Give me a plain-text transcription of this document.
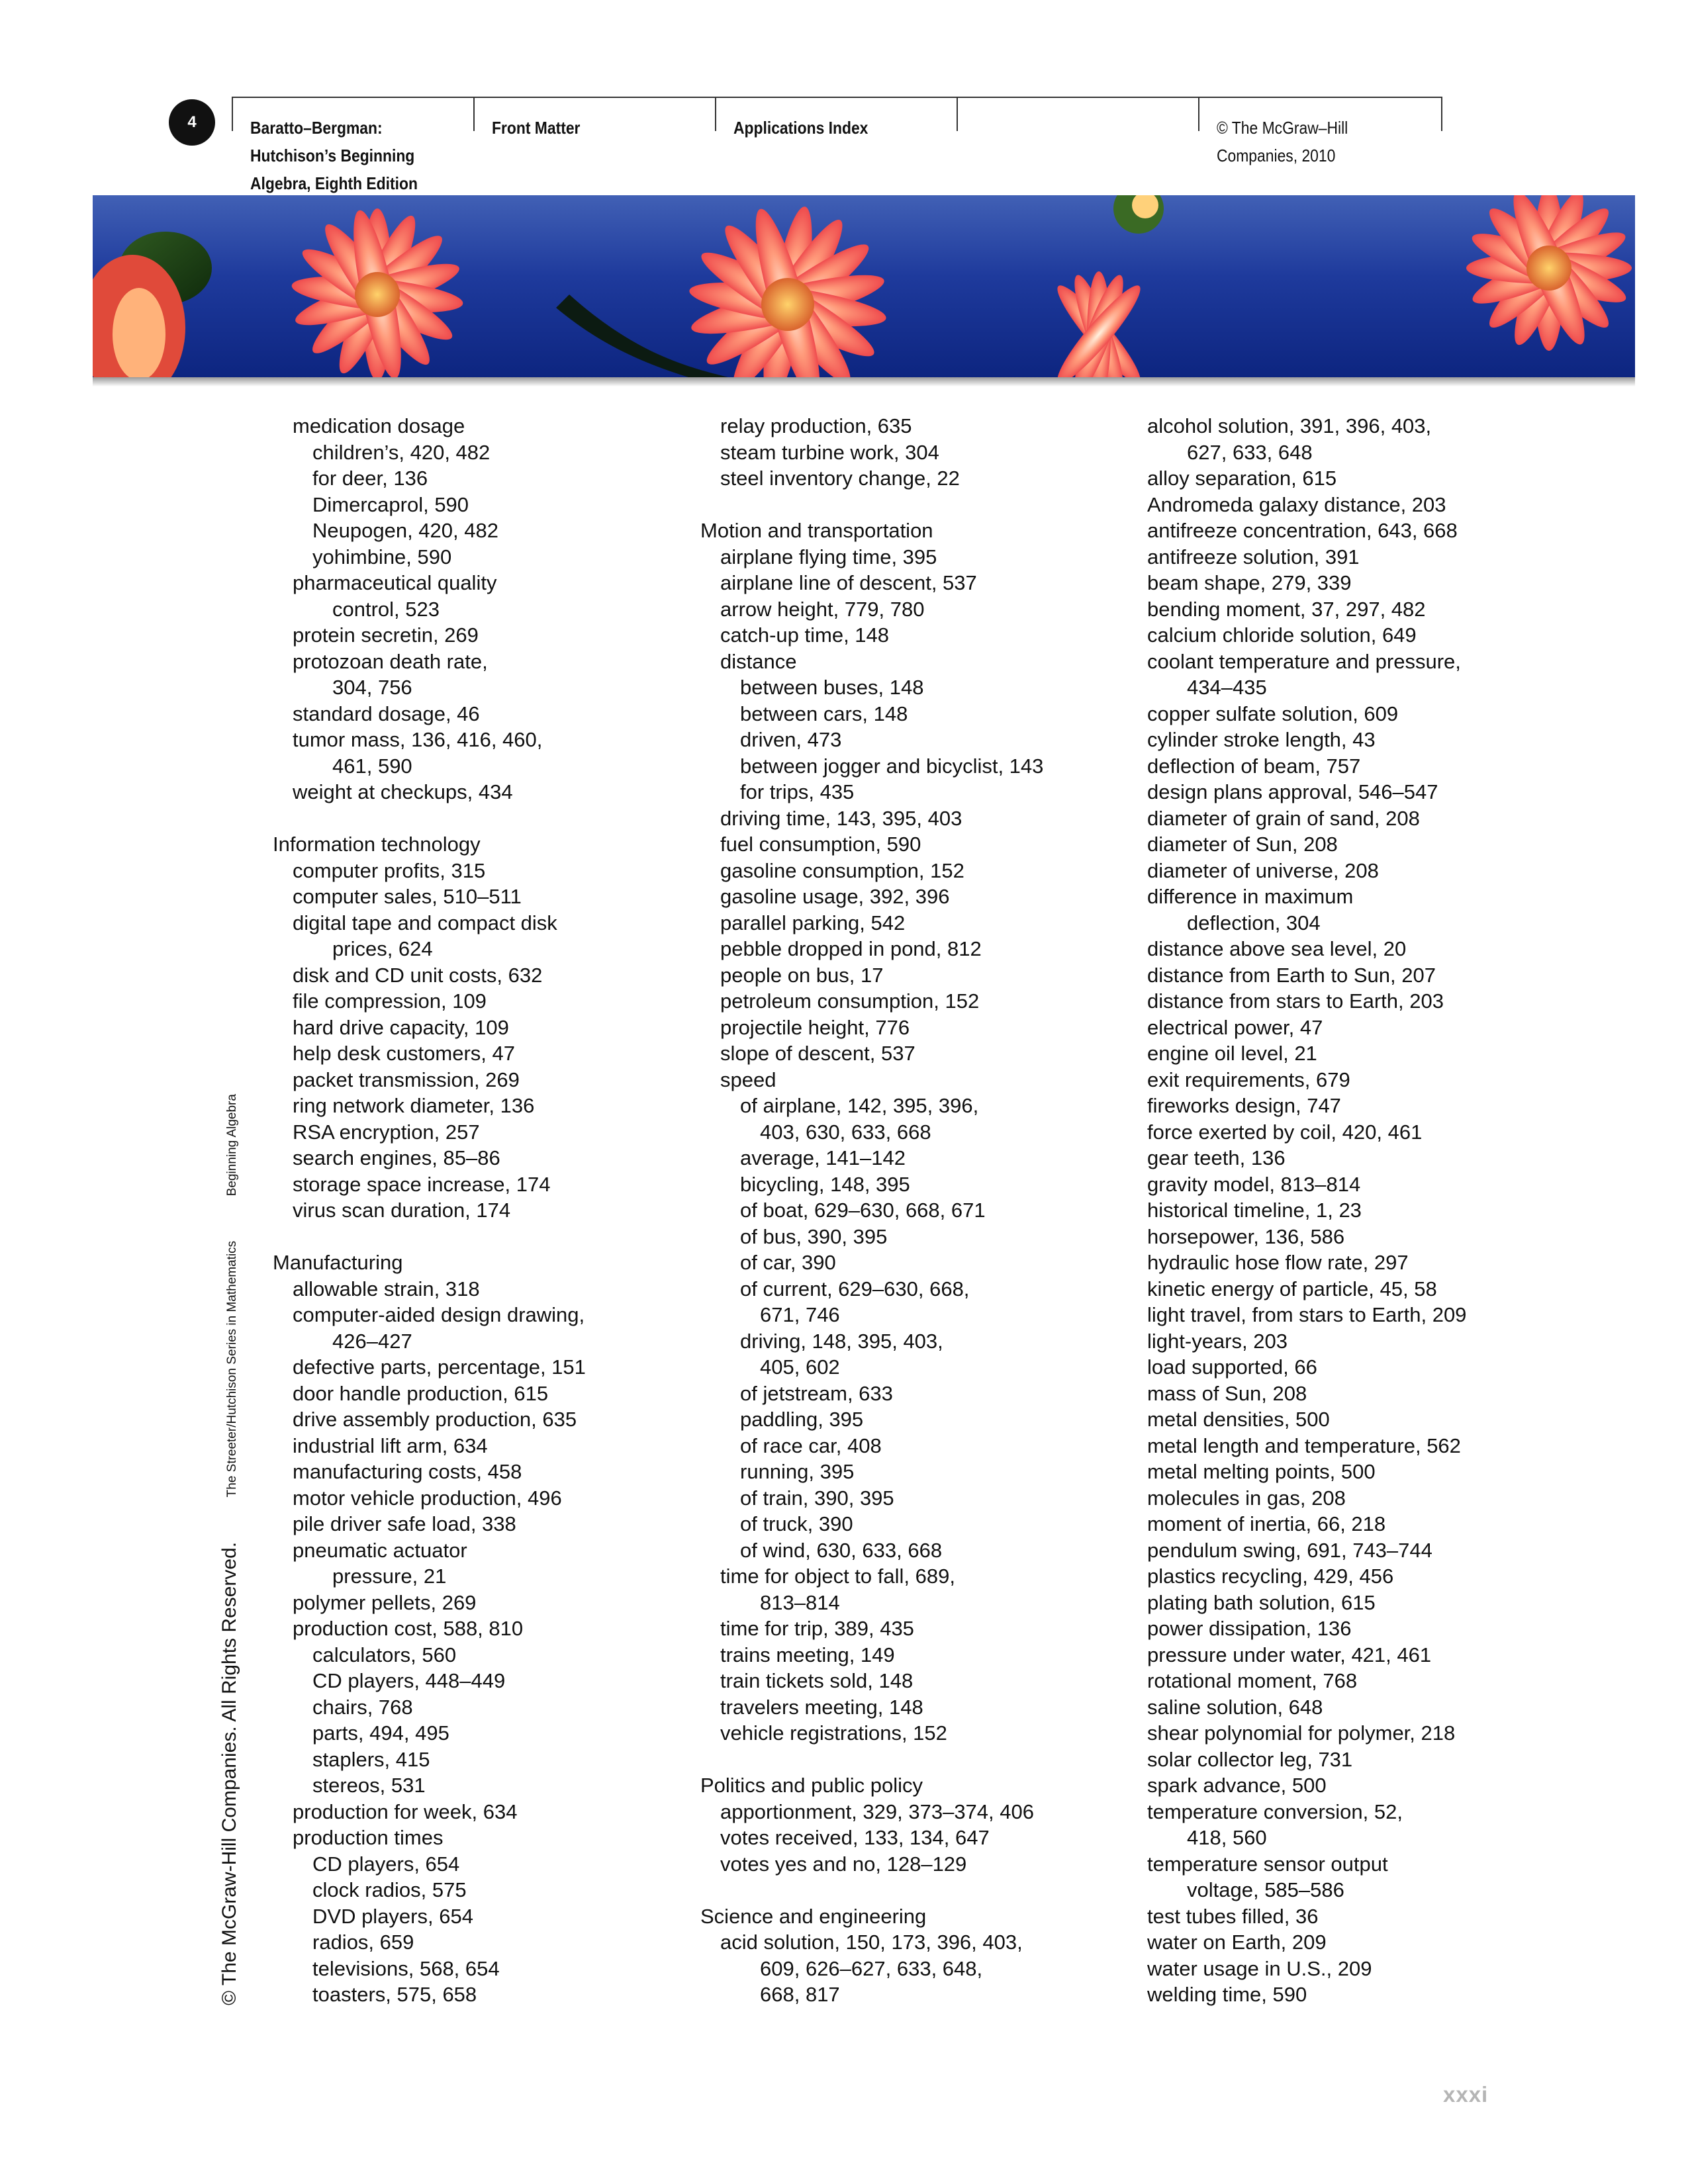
4	Baratto–Bergman:
Hutchison’s Beginning
Algebra, Eighth Edition
Front Matter	Applications Index	© The McGraw–Hill
Companies, 2010
© The McGraw-Hill Companies. All Rights Reserved. The Streeter/Hutchison Series in Mathematics Beginning Algebra
medication dosage
children’s, 420, 482
for deer, 136
Dimercaprol, 590
Neupogen, 420, 482
yohimbine, 590
pharmaceutical quality
control, 523
protein secretin, 269
protozoan death rate,
304, 756
standard dosage, 46
tumor mass, 136, 416, 460,
461, 590
weight at checkups, 434
Information technology
computer profits, 315
computer sales, 510–511
digital tape and compact disk
prices, 624
disk and CD unit costs, 632
file compression, 109
hard drive capacity, 109
help desk customers, 47
packet transmission, 269
ring network diameter, 136
RSA encryption, 257
search engines, 85–86
storage space increase, 174
virus scan duration, 174
Manufacturing
allowable strain, 318
computer-aided design drawing,
426–427
defective parts, percentage, 151
door handle production, 615
drive assembly production, 635
industrial lift arm, 634
manufacturing costs, 458
motor vehicle production, 496
pile driver safe load, 338
pneumatic actuator
pressure, 21
polymer pellets, 269
production cost, 588, 810
calculators, 560
CD players, 448–449
chairs, 768
parts, 494, 495
staplers, 415
stereos, 531
production for week, 634
production times
CD players, 654
clock radios, 575
DVD players, 654
radios, 659
televisions, 568, 654
toasters, 575, 658
relay production, 635
steam turbine work, 304
steel inventory change, 22
Motion and transportation
airplane flying time, 395
airplane line of descent, 537
arrow height, 779, 780
catch-up time, 148
distance
between buses, 148
between cars, 148
driven, 473
between jogger and bicyclist, 143
for trips, 435
driving time, 143, 395, 403
fuel consumption, 590
gasoline consumption, 152
gasoline usage, 392, 396
parallel parking, 542
pebble dropped in pond, 812
people on bus, 17
petroleum consumption, 152
projectile height, 776
slope of descent, 537
speed
of airplane, 142, 395, 396,
403, 630, 633, 668
average, 141–142
bicycling, 148, 395
of boat, 629–630, 668, 671
of bus, 390, 395
of car, 390
of current, 629–630, 668,
671, 746
driving, 148, 395, 403,
405, 602
of jetstream, 633
paddling, 395
of race car, 408
running, 395
of train, 390, 395
of truck, 390
of wind, 630, 633, 668
time for object to fall, 689,
813–814
time for trip, 389, 435
trains meeting, 149
train tickets sold, 148
travelers meeting, 148
vehicle registrations, 152
Politics and public policy
apportionment, 329, 373–374, 406
votes received, 133, 134, 647
votes yes and no, 128–129
Science and engineering
acid solution, 150, 173, 396, 403,
609, 626–627, 633, 648,
668, 817
alcohol solution, 391, 396, 403,
627, 633, 648
alloy separation, 615
Andromeda galaxy distance, 203
antifreeze concentration, 643, 668
antifreeze solution, 391
beam shape, 279, 339
bending moment, 37, 297, 482
calcium chloride solution, 649
coolant temperature and pressure,
434–435
copper sulfate solution, 609
cylinder stroke length, 43
deflection of beam, 757
design plans approval, 546–547
diameter of grain of sand, 208
diameter of Sun, 208
diameter of universe, 208
difference in maximum
deflection, 304
distance above sea level, 20
distance from Earth to Sun, 207
distance from stars to Earth, 203
electrical power, 47
engine oil level, 21
exit requirements, 679
fireworks design, 747
force exerted by coil, 420, 461
gear teeth, 136
gravity model, 813–814
historical timeline, 1, 23
horsepower, 136, 586
hydraulic hose flow rate, 297
kinetic energy of particle, 45, 58
light travel, from stars to Earth, 209
light-years, 203
load supported, 66
mass of Sun, 208
metal densities, 500
metal length and temperature, 562
metal melting points, 500
molecules in gas, 208
moment of inertia, 66, 218
pendulum swing, 691, 743–744
plastics recycling, 429, 456
plating bath solution, 615
power dissipation, 136
pressure under water, 421, 461
rotational moment, 768
saline solution, 648
shear polynomial for polymer, 218
solar collector leg, 731
spark advance, 500
temperature conversion, 52,
418, 560
temperature sensor output
voltage, 585–586
test tubes filled, 36
water on Earth, 209
water usage in U.S., 209
welding time, 590
xxxi
